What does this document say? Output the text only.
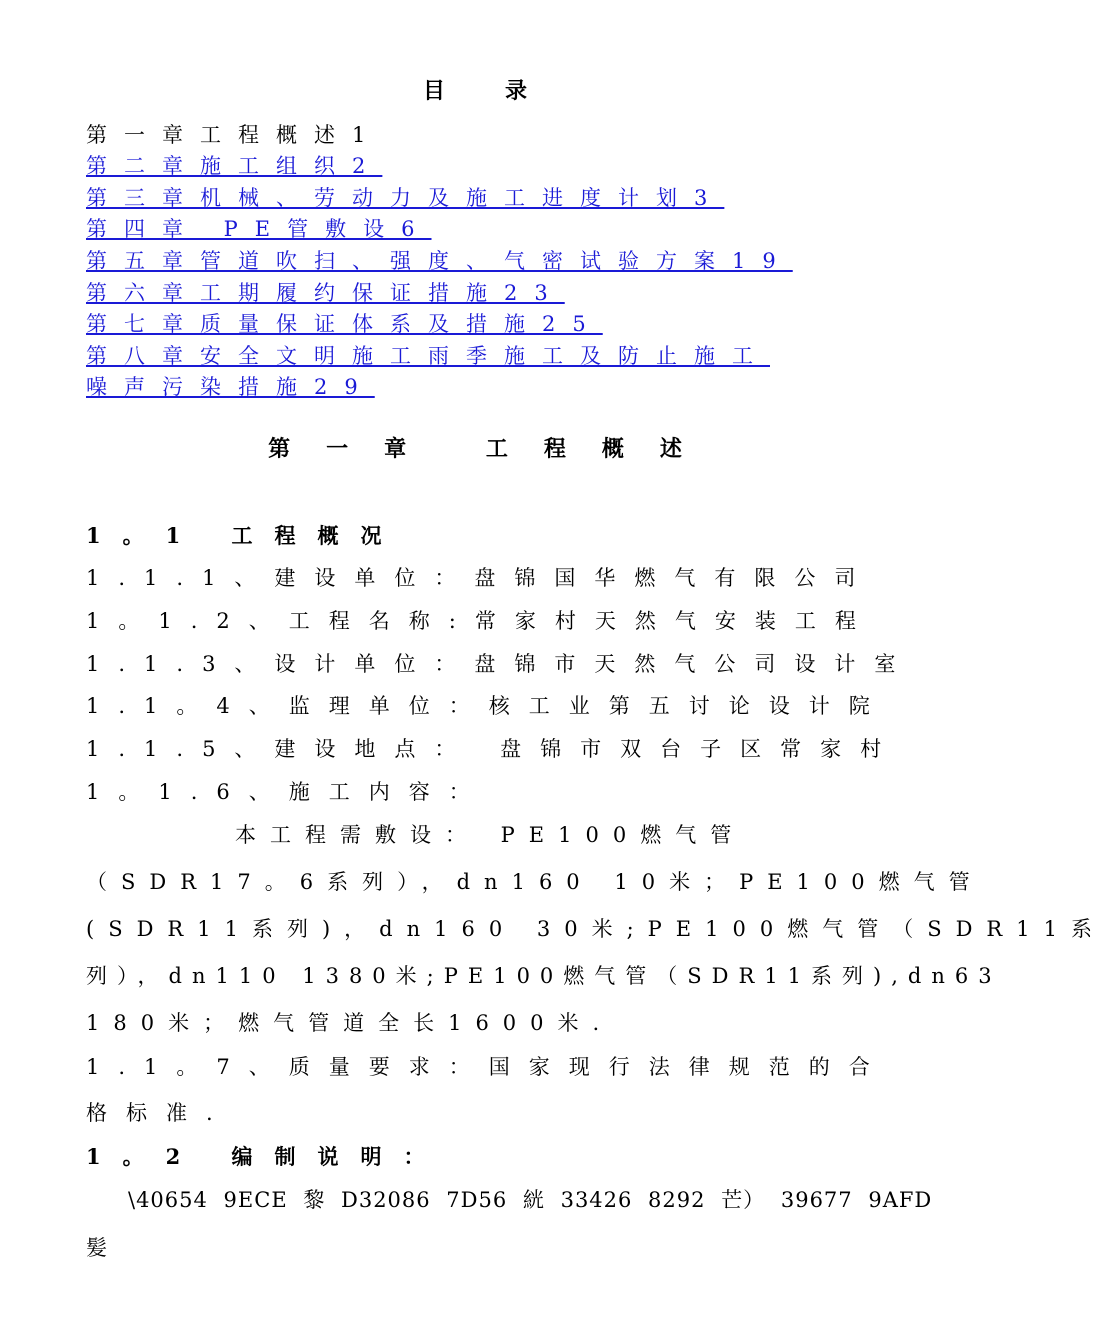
目录
第一章工程概述1
第二章施工组织2
第三章机械、劳动力及施工进度计划3
第四章 PE管敷设6
第五章管道吹扫、强度、气密试验方案19
第六章工期履约保证措施23
第七章质量保证体系及措施25
第八章安全文明施工雨季施工及防止施工
噪声污染措施29
第一章 工程概述
1。1 工程概况
1.1.1、建设单位：盘锦国华燃气有限公司
1。1.2、工程名称:常家村天然气安装工程
1.1.3、设计单位：盘锦市天然气公司设计室
1.1。4、监理单位：核工业第五讨论设计院
1.1.5、建设地点： 盘锦市双台子区常家村
1。1.6、施工内容：
本工程需敷设： PE100燃气管
（SDR17。6系列），dn160 10米；PE100燃气管
(SDR11系列)，dn160 30米;PE100燃气管（SDR11系
列），dn110 1380米;PE100燃气管（SDR11系列),dn63
180米；燃气管道全长1600米.
1.1。7、质量要求：国家现行法律规范的合
格标准.
1。2 编制说明：
\40654 9ECE 黎 D32086 7D56 絖 33426 8292 芒） 39677 9AFD
髪
